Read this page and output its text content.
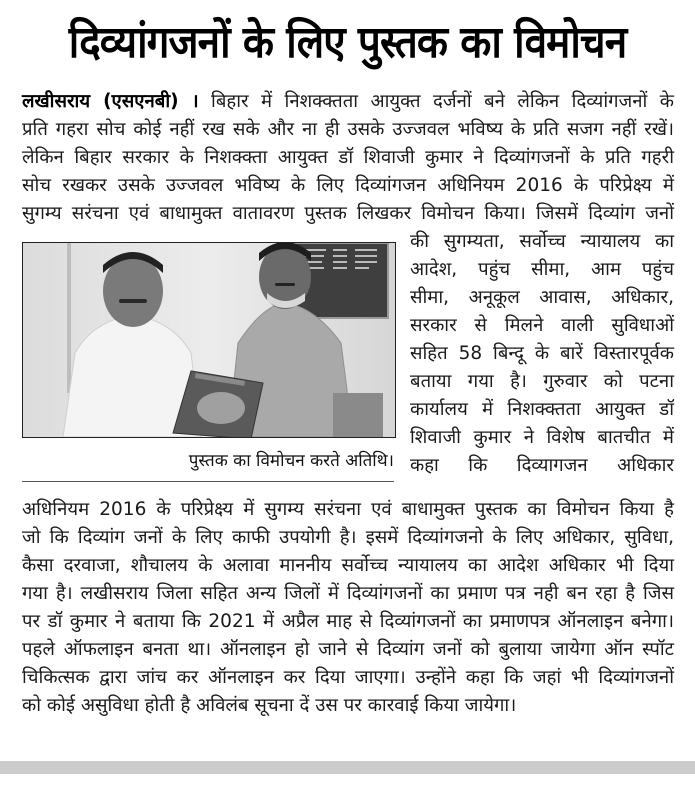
दिव्यांगजनों के लिए पुस्तक का विमोचन
लखीसराय (एसएनबी) । बिहार में निशक्क्तता आयुक्त दर्जनों बने लेकिन दिव्यांगजनों के
प्रति गहरा सोच कोई नहीं रख सके और ना ही उसके उज्जवल भविष्य के प्रति सजग नहीं रखें।
लेकिन बिहार सरकार के निशक्क्ता आयुक्त डॉ शिवाजी कुमार ने दिव्यांगजनों के प्रति गहरी
सोच रखकर उसके उज्जवल भविष्य के लिए दिव्यांगजन अधिनियम 2016 के परिप्रेक्ष्य में
सुगम्य सरंचना एवं बाधामुक्त वातावरण पुस्तक लिखकर विमोचन किया। जिसमें दिव्यांग जनों
पुस्तक का विमोचन करते अतिथि।
की सुगम्यता, सर्वोच्च न्यायालय का
आदेश, पहुंच सीमा, आम पहुंच
सीमा, अनूकूल आवास, अधिकार,
सरकार से मिलने वाली सुविधाओं
सहित 58 बिन्दू के बारें विस्तारपूर्वक
बताया गया है। गुरुवार को पटना
कार्यालय में निशक्क्तता आयुक्त डॉ
शिवाजी कुमार ने विशेष बातचीत में
कहा कि दिव्यागजन अधिकार
अधिनियम 2016 के परिप्रेक्ष्य में सुगम्य सरंचना एवं बाधामुक्त पुस्तक का विमोचन किया है
जो कि दिव्यांग जनों के लिए काफी उपयोगी है। इसमें दिव्यांगजनो के लिए अधिकार, सुविधा,
कैसा दरवाजा, शौचालय के अलावा माननीय सर्वोच्च न्यायालय का आदेश अधिकार भी दिया
गया है। लखीसराय जिला सहित अन्य जिलों में दिव्यांगजनों का प्रमाण पत्र नही बन रहा है जिस
पर डॉ कुमार ने बताया कि 2021 में अप्रैल माह से दिव्यांगजनों का प्रमाणपत्र ऑनलाइन बनेगा।
पहले ऑफलाइन बनता था। ऑनलाइन हो जाने से दिव्यांग जनों को बुलाया जायेगा ऑन स्पॉट
चिकित्सक द्वारा जांच कर ऑनलाइन कर दिया जाएगा। उन्होंने कहा कि जहां भी दिव्यांगजनों
को कोई असुविधा होती है अविलंब सूचना दें उस पर कारवाई किया जायेगा।
